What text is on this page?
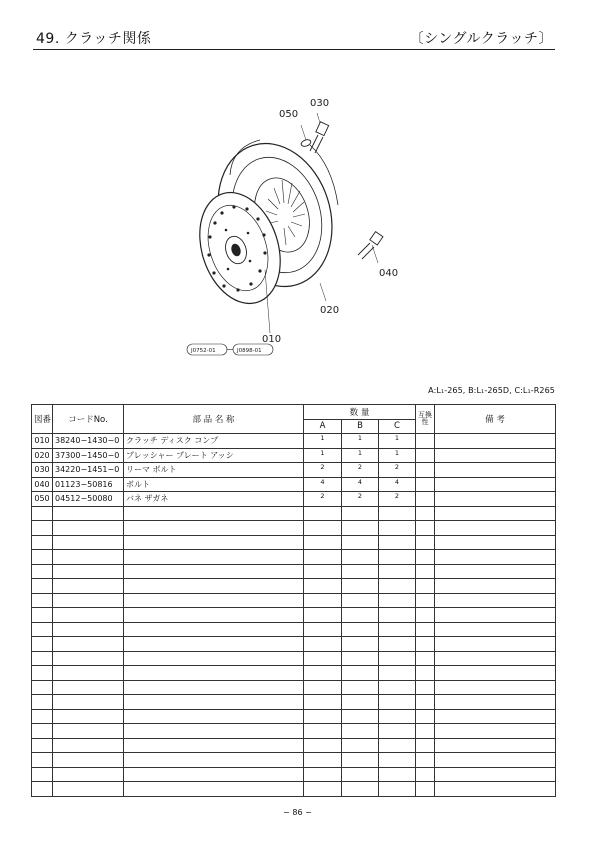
49. クラッチ関係	〔シングルクラッチ〕
030
050
040
020
010
J0752-01	J0898-01
A:L₁-265, B:L₁-265D, C:L₁-R265
図番	コードNo.	部 品 名 称	数 量			互換性	備 考
			A	B	C		
010	38240−1430−0	クラッチ ディスク コンプ	1	1	1		
020	37300−1450−0	プレッシャー プレート アッシ	1	1	1		
030	34220−1451−0	リーマ ボルト	2	2	2		
040	01123−50816	ボルト	4	4	4		
050	04512−50080	バネ ザガネ	2	2	2		

− 86 −
